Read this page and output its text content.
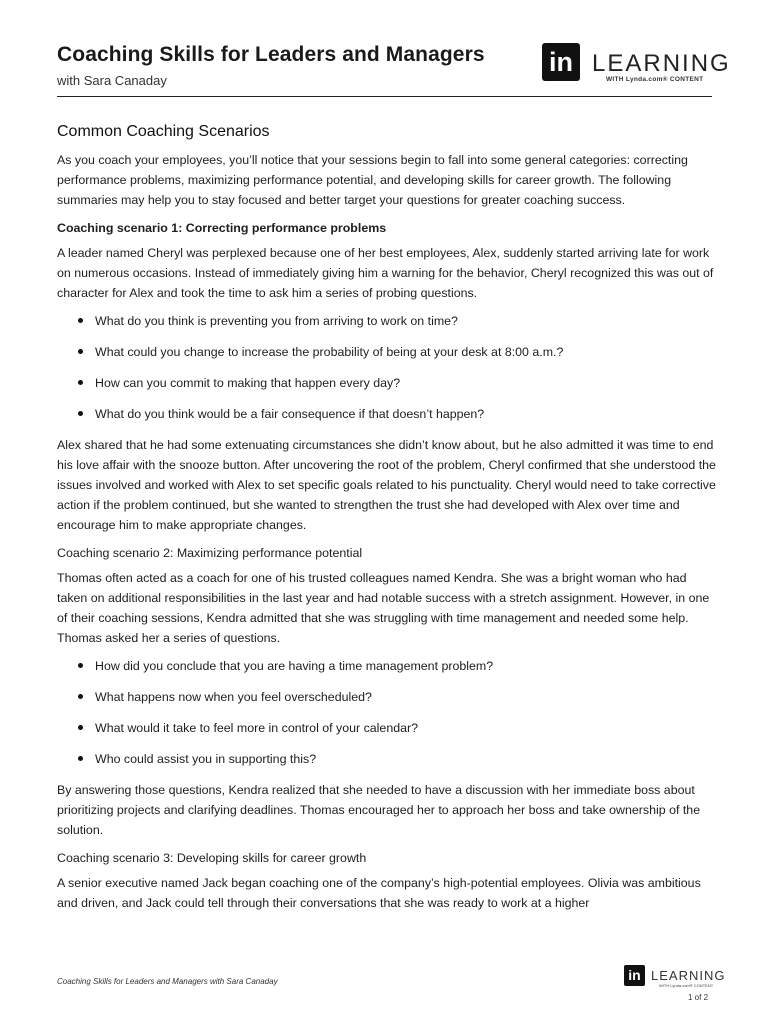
Coaching Skills for Leaders and Managers
with Sara Canaday
in LEARNING
WITH Lynda.com® CONTENT
Common Coaching Scenarios

As you coach your employees, you’ll notice that your sessions begin to fall into some general categories: correcting performance problems, maximizing performance potential, and developing skills for career growth. The following summaries may help you to stay focused and better target your questions for greater coaching success.

Coaching scenario 1: Correcting performance problems

A leader named Cheryl was perplexed because one of her best employees, Alex, suddenly started arriving late for work on numerous occasions. Instead of immediately giving him a warning for the behavior, Cheryl recognized this was out of character for Alex and took the time to ask him a series of probing questions.

What do you think is preventing you from arriving to work on time?
What could you change to increase the probability of being at your desk at 8:00 a.m.?
How can you commit to making that happen every day?
What do you think would be a fair consequence if that doesn’t happen?

Alex shared that he had some extenuating circumstances she didn’t know about, but he also admitted it was time to end his love affair with the snooze button. After uncovering the root of the problem, Cheryl confirmed that she understood the issues involved and worked with Alex to set specific goals related to his punctuality. Cheryl would need to take corrective action if the problem continued, but she wanted to strengthen the trust she had developed with Alex over time and encourage him to make appropriate changes.

Coaching scenario 2: Maximizing performance potential

Thomas often acted as a coach for one of his trusted colleagues named Kendra. She was a bright woman who had taken on additional responsibilities in the last year and had notable success with a stretch assignment. However, in one of their coaching sessions, Kendra admitted that she was struggling with time management and needed some help. Thomas asked her a series of questions.

How did you conclude that you are having a time management problem?
What happens now when you feel overscheduled?
What would it take to feel more in control of your calendar?
Who could assist you in supporting this?

By answering those questions, Kendra realized that she needed to have a discussion with her immediate boss about prioritizing projects and clarifying deadlines. Thomas encouraged her to approach her boss and take ownership of the solution.

Coaching scenario 3: Developing skills for career growth

A senior executive named Jack began coaching one of the company’s high-potential employees. Olivia was ambitious and driven, and Jack could tell through their conversations that she was ready to work at a higher

Coaching Skills for Leaders and Managers with Sara Canaday	in LEARNING
WITH Lynda.com® CONTENT
1 of 2
